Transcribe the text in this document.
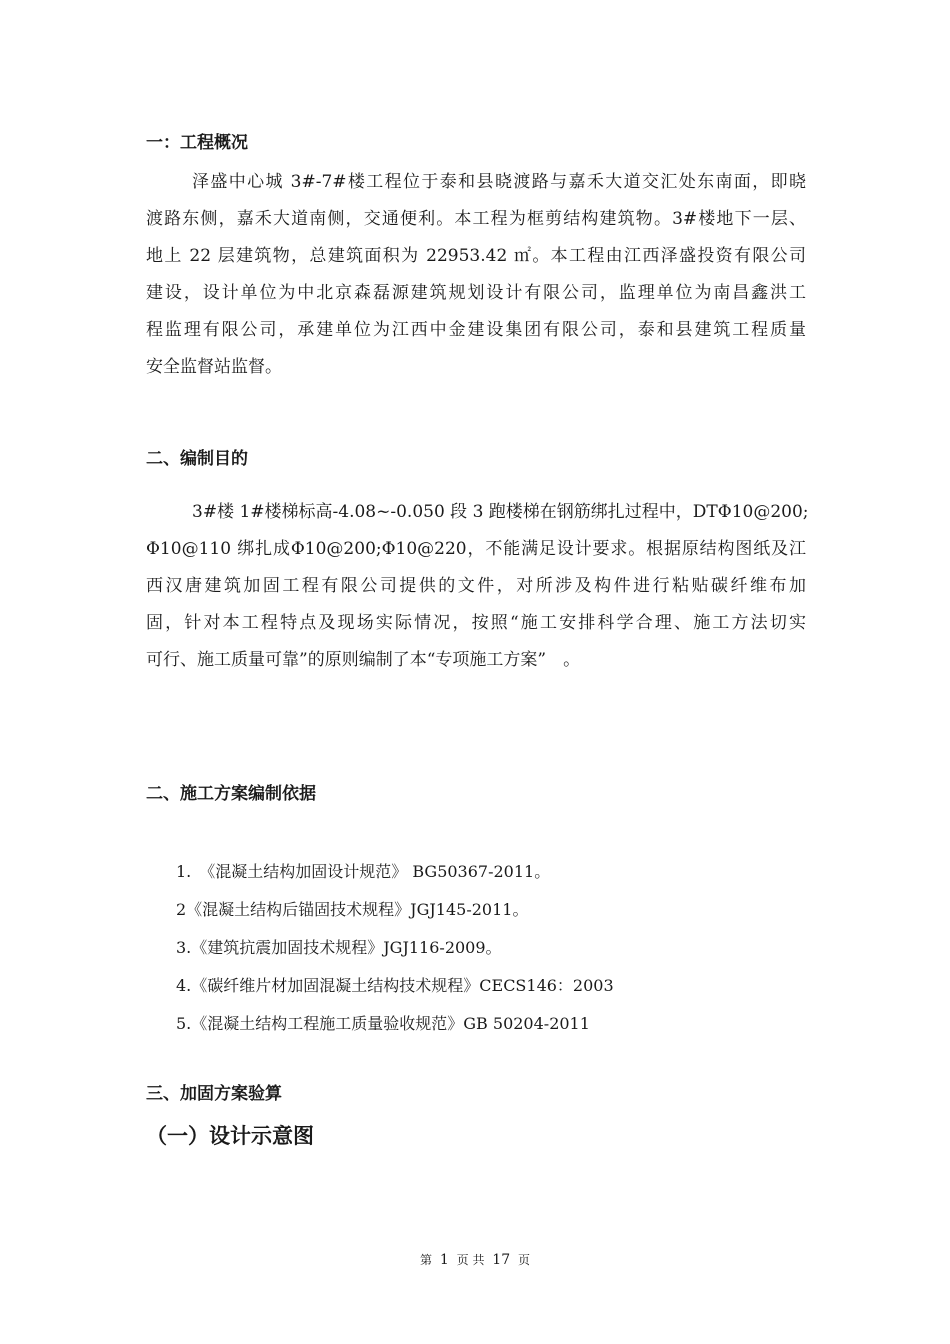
一：工程概况
泽盛中心城 3#-7#楼工程位于泰和县晓渡路与嘉禾大道交汇处东南面，即晓
渡路东侧，嘉禾大道南侧，交通便利。本工程为框剪结构建筑物。3#楼地下一层、
地上 22 层建筑物，总建筑面积为 22953.42 ㎡。本工程由江西泽盛投资有限公司
建设，设计单位为中北京森磊源建筑规划设计有限公司，监理单位为南昌鑫洪工
程监理有限公司，承建单位为江西中金建设集团有限公司，泰和县建筑工程质量
安全监督站监督。
二、编制目的
3#楼 1#楼梯标高-4.08~-0.050 段 3 跑楼梯在钢筋绑扎过程中，DTΦ10@200;
Φ10@110 绑扎成Φ10@200;Φ10@220，不能满足设计要求。根据原结构图纸及江
西汉唐建筑加固工程有限公司提供的文件，对所涉及构件进行粘贴碳纤维布加
固，针对本工程特点及现场实际情况，按照“施工安排科学合理、施工方法切实
可行、施工质量可靠”的原则编制了本“专项施工方案”　。
二、施工方案编制依据
1.　《混凝土结构加固设计规范》 BG50367-2011。
2《混凝土结构后锚固技术规程》JGJ145-2011。
3.《建筑抗震加固技术规程》JGJ116-2009。
4.《碳纤维片材加固混凝土结构技术规程》CECS146：2003
5.《混凝土结构工程施工质量验收规范》GB 50204-2011
三、加固方案验算
（一）设计示意图
第 1 页 共 17 页
